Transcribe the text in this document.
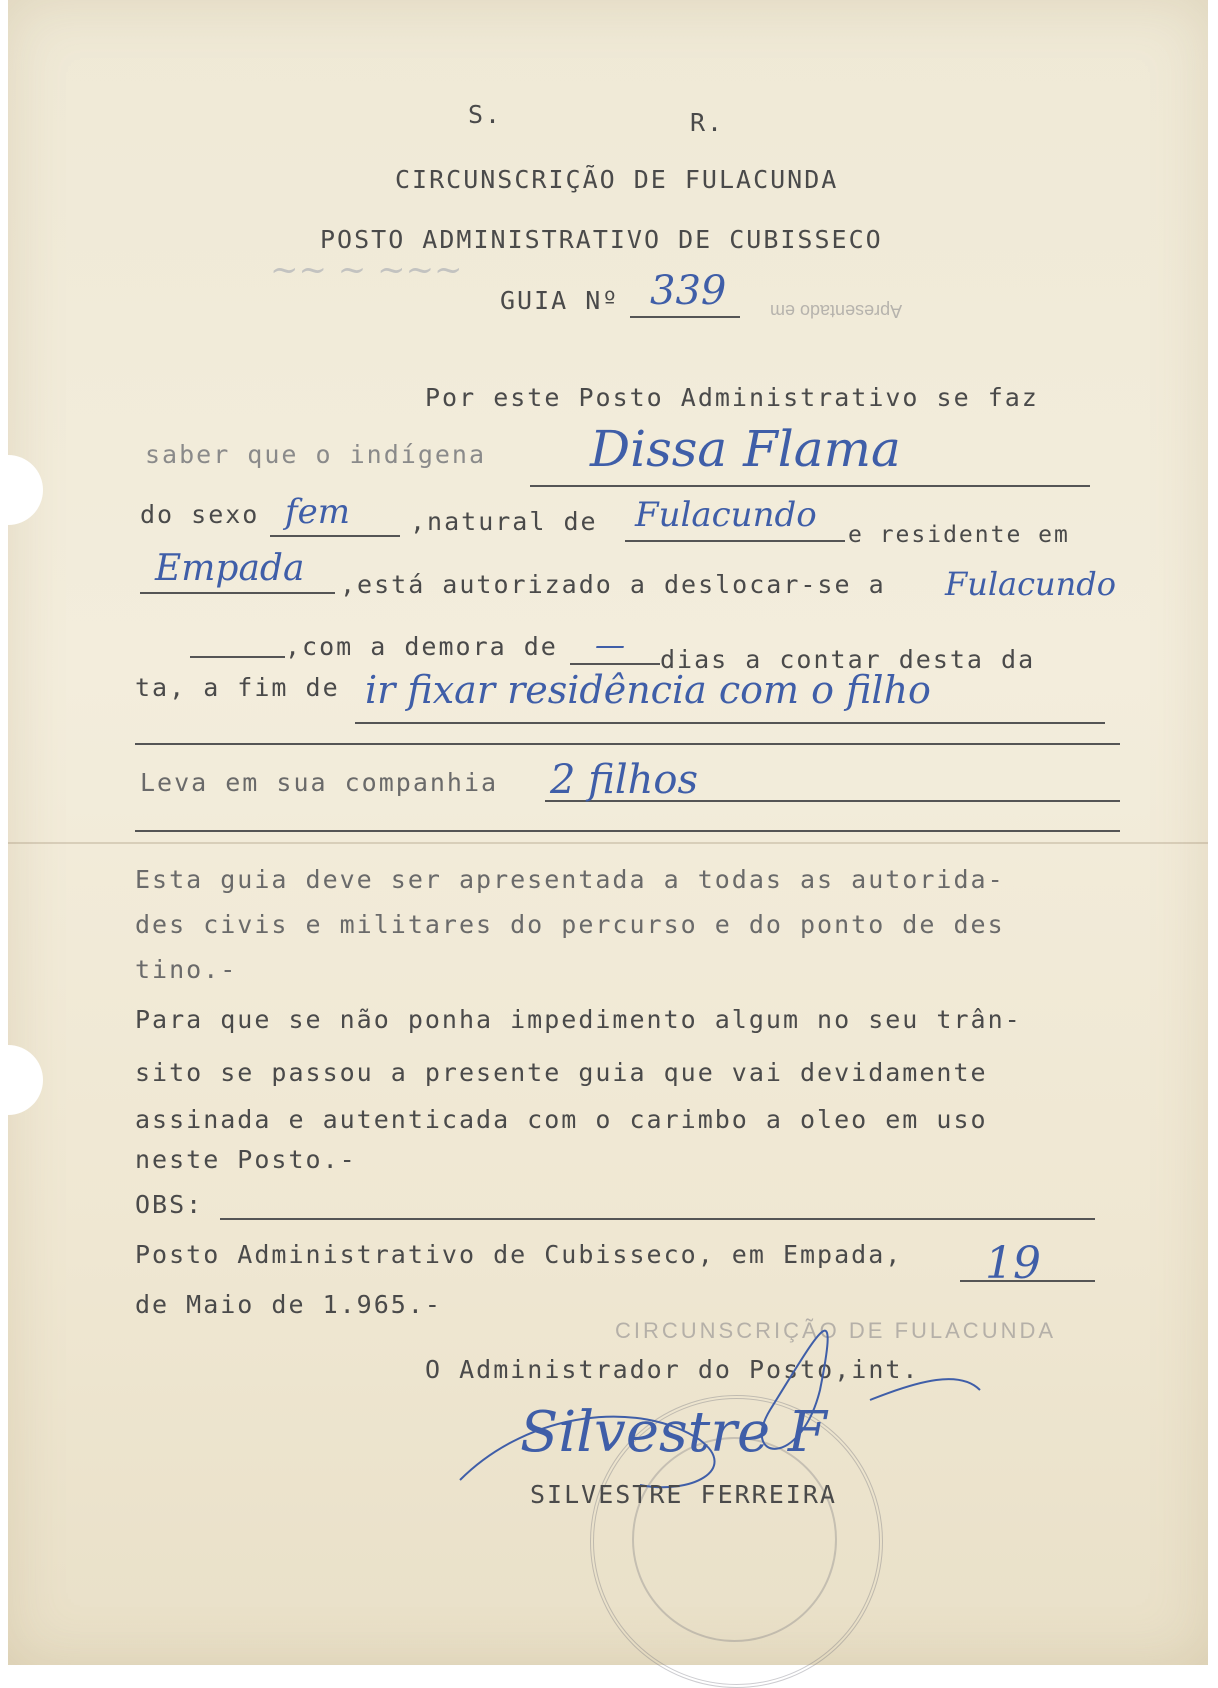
~~ ~ ~~~
Apresentado em
S.	R.
CIRCUNSCRIÇÃO DE FULACUNDA
POSTO ADMINISTRATIVO DE CUBISSECO
GUIA Nº 339
Por este Posto Administrativo se faz
saber que o indígena Dissa Flama
do sexo fem ,natural de Fulacundo e residente em
Empada ,está autorizado a deslocar-se a Fulacundo
,com a demora de — dias a contar desta da
ta, a fim de ir fixar residência com o filho
Leva em sua companhia 2 filhos
Esta guia deve ser apresentada a todas as autorida-
des civis e militares do percurso e do ponto de des
tino.-
Para que se não ponha impedimento algum no seu trân-
sito se passou a presente guia que vai devidamente
assinada e autenticada com o carimbo a oleo em uso
neste Posto.-
OBS:
Posto Administrativo de Cubisseco, em Empada, 19
de Maio de 1.965.-
CIRCUNSCRIÇÃO DE FULACUNDA
O Administrador do Posto,int.
Silvestre F
SILVESTRE FERREIRA
